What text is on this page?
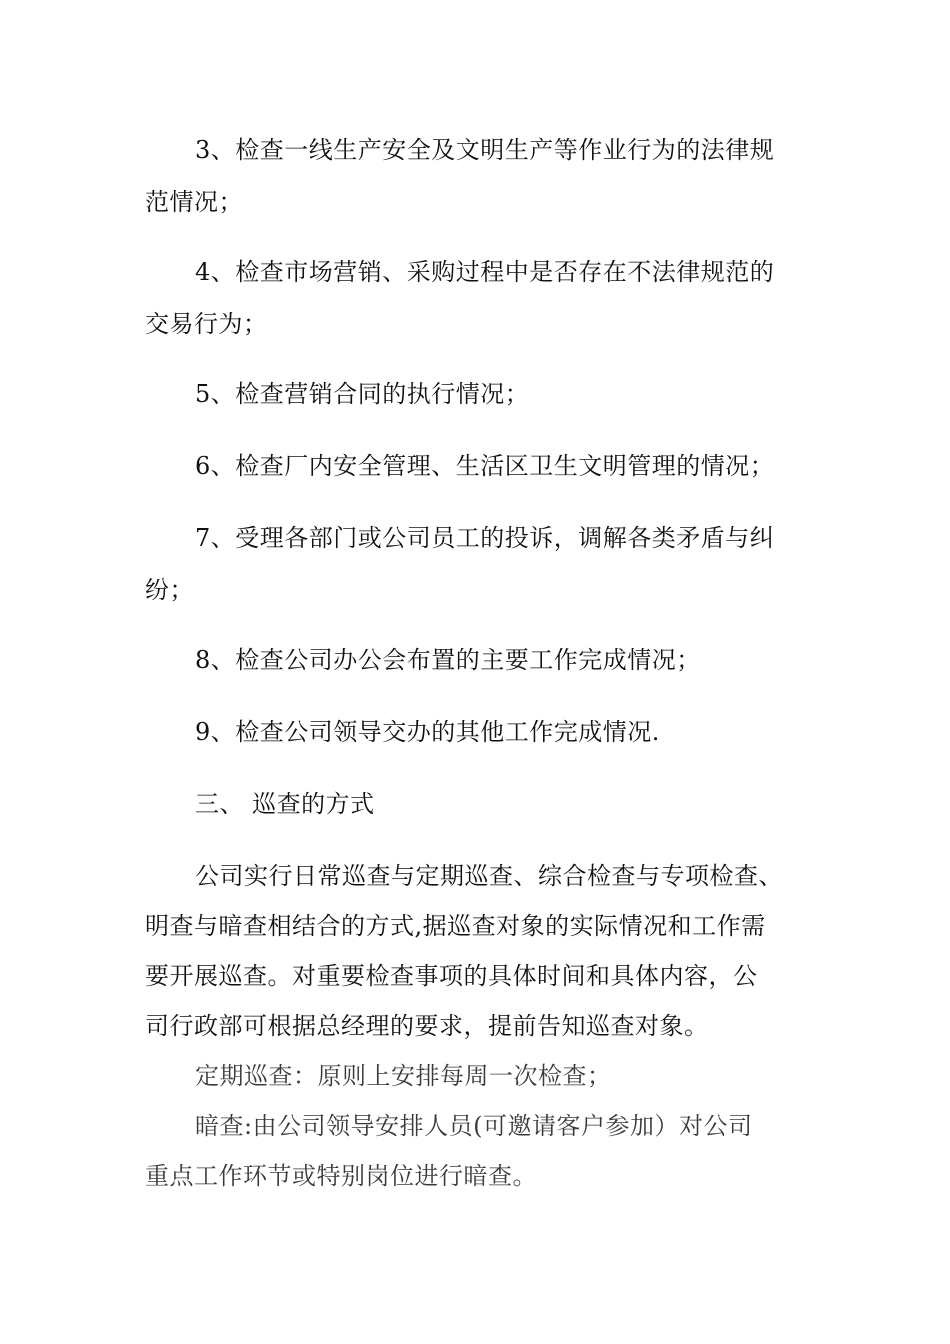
3、检查一线生产安全及文明生产等作业行为的法律规
范情况；
4、检查市场营销、采购过程中是否存在不法律规范的
交易行为；
5、检查营销合同的执行情况；
6、检查厂内安全管理、生活区卫生文明管理的情况；
7、受理各部门或公司员工的投诉，调解各类矛盾与纠
纷；
8、检查公司办公会布置的主要工作完成情况；
9、检查公司领导交办的其他工作完成情况.
三、 巡查的方式
公司实行日常巡查与定期巡查、综合检查与专项检查、
明查与暗查相结合的方式,据巡查对象的实际情况和工作需
要开展巡查。对重要检查事项的具体时间和具体内容，公
司行政部可根据总经理的要求，提前告知巡查对象。
定期巡查：原则上安排每周一次检查；
暗查:由公司领导安排人员(可邀请客户参加）对公司
重点工作环节或特别岗位进行暗查。
